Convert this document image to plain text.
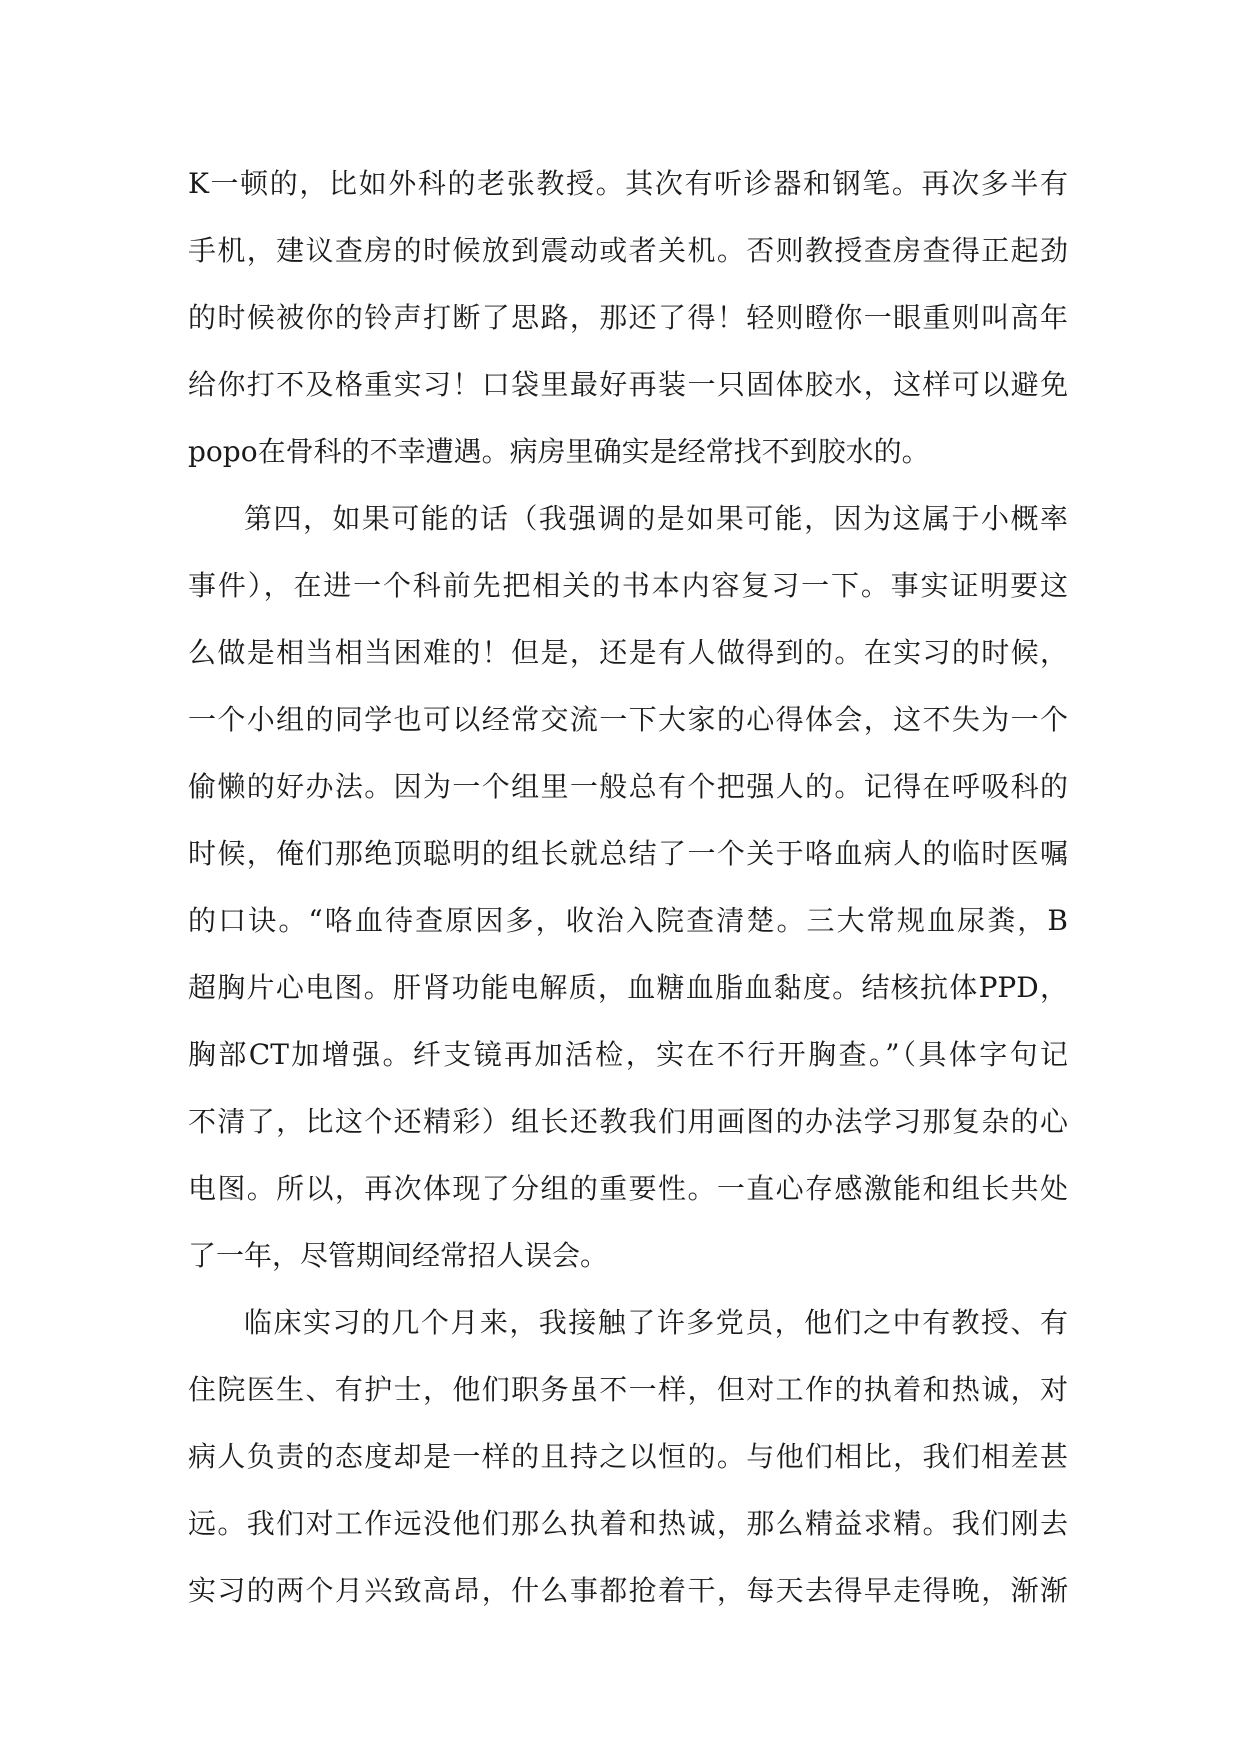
K一顿的，比如外科的老张教授。其次有听诊器和钢笔。再次多半有
手机，建议查房的时候放到震动或者关机。否则教授查房查得正起劲
的时候被你的铃声打断了思路，那还了得！轻则瞪你一眼重则叫高年
给你打不及格重实习！口袋里最好再装一只固体胶水，这样可以避免
popo在骨科的不幸遭遇。病房里确实是经常找不到胶水的。
第四，如果可能的话（我强调的是如果可能，因为这属于小概率
事件），在进一个科前先把相关的书本内容复习一下。事实证明要这
么做是相当相当困难的！但是，还是有人做得到的。在实习的时候，
一个小组的同学也可以经常交流一下大家的心得体会，这不失为一个
偷懒的好办法。因为一个组里一般总有个把强人的。记得在呼吸科的
时候，俺们那绝顶聪明的组长就总结了一个关于咯血病人的临时医嘱
的口诀。“咯血待查原因多，收治入院查清楚。三大常规血尿粪，B
超胸片心电图。肝肾功能电解质，血糖血脂血黏度。结核抗体PPD，
胸部CT加增强。纤支镜再加活检，实在不行开胸查。”（具体字句记
不清了，比这个还精彩）组长还教我们用画图的办法学习那复杂的心
电图。所以，再次体现了分组的重要性。一直心存感激能和组长共处
了一年，尽管期间经常招人误会。
临床实习的几个月来，我接触了许多党员，他们之中有教授、有
住院医生、有护士，他们职务虽不一样，但对工作的执着和热诚，对
病人负责的态度却是一样的且持之以恒的。与他们相比，我们相差甚
远。我们对工作远没他们那么执着和热诚，那么精益求精。我们刚去
实习的两个月兴致高昂，什么事都抢着干，每天去得早走得晚，渐渐
